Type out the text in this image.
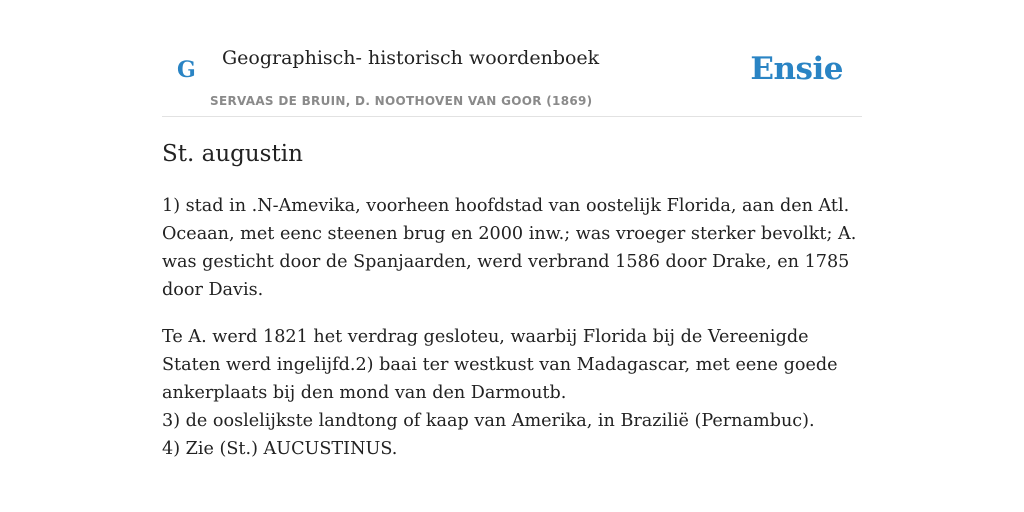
G Geographisch- historisch woordenboek
SERVAAS DE BRUIN, D. NOOTHOVEN VAN GOOR (1869)
Ensie
St. augustin

1) stad in .N-Amevika, voorheen hoofdstad van oostelijk Florida, aan den Atl. Oceaan, met eenc steenen brug en 2000 inw.; was vroeger sterker bevolkt; A. was gesticht door de Spanjaarden, werd verbrand 1586 door Drake, en 1785 door Davis.

Te A. werd 1821 het verdrag gesloteu, waarbij Florida bij de Vereenigde Staten werd ingelijfd.2) baai ter westkust van Madagascar, met eene goede ankerplaats bij den mond van den Darmoutb.
3) de ooslelijkste landtong of kaap van Amerika, in Brazilië (Pernambuc).
4) Zie (St.) AUCUSTINUS.
